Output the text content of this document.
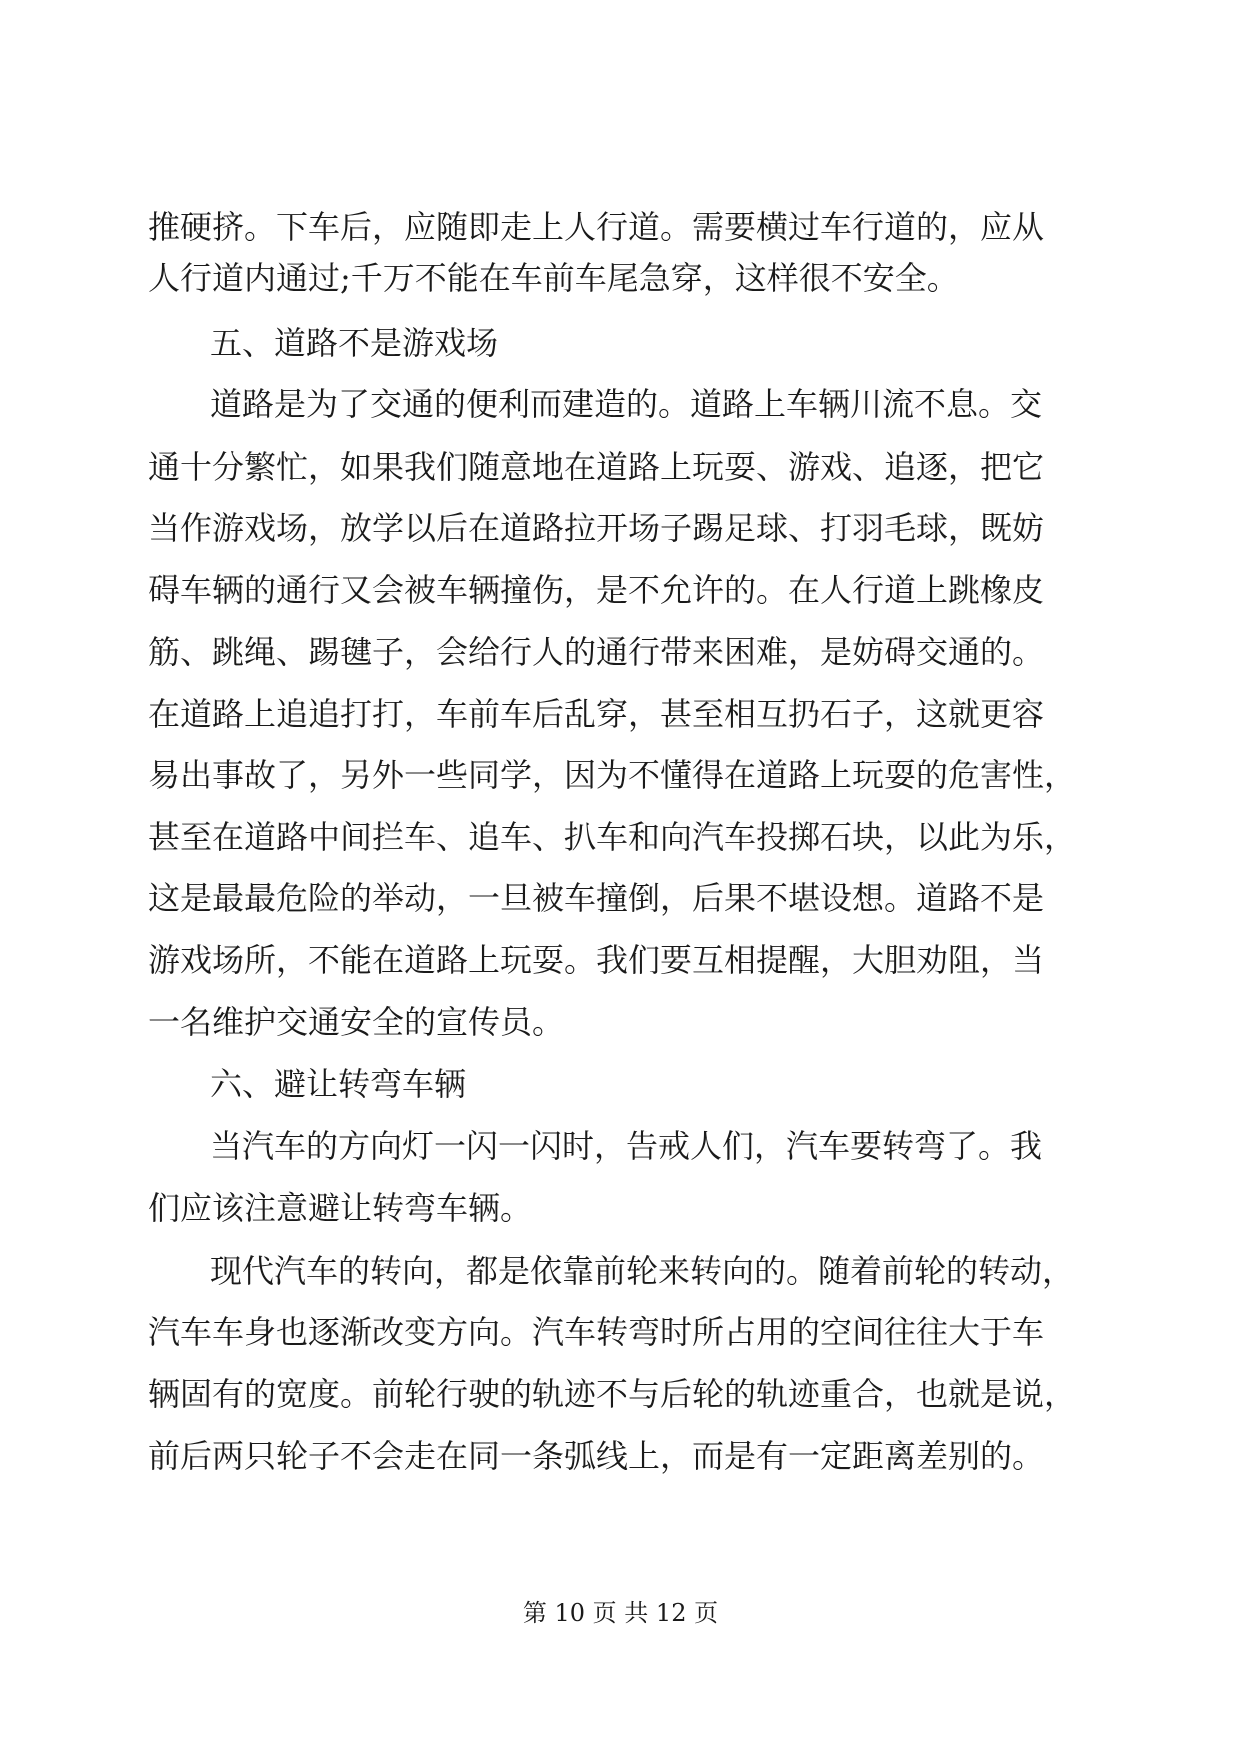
推硬挤。下车后，应随即走上人行道。需要横过车行道的，应从
人行道内通过;千万不能在车前车尾急穿，这样很不安全。
五、道路不是游戏场
道路是为了交通的便利而建造的。道路上车辆川流不息。交
通十分繁忙，如果我们随意地在道路上玩耍、游戏、追逐，把它
当作游戏场，放学以后在道路拉开场子踢足球、打羽毛球，既妨
碍车辆的通行又会被车辆撞伤，是不允许的。在人行道上跳橡皮
筋、跳绳、踢毽子，会给行人的通行带来困难，是妨碍交通的。
在道路上追追打打，车前车后乱穿，甚至相互扔石子，这就更容
易出事故了，另外一些同学，因为不懂得在道路上玩耍的危害性，
甚至在道路中间拦车、追车、扒车和向汽车投掷石块，以此为乐，
这是最最危险的举动，一旦被车撞倒，后果不堪设想。道路不是
游戏场所，不能在道路上玩耍。我们要互相提醒，大胆劝阻，当
一名维护交通安全的宣传员。
六、避让转弯车辆
当汽车的方向灯一闪一闪时，告戒人们，汽车要转弯了。我
们应该注意避让转弯车辆。
现代汽车的转向，都是依靠前轮来转向的。随着前轮的转动，
汽车车身也逐渐改变方向。汽车转弯时所占用的空间往往大于车
辆固有的宽度。前轮行驶的轨迹不与后轮的轨迹重合，也就是说，
前后两只轮子不会走在同一条弧线上，而是有一定距离差别的。
第 10 页 共 12 页
